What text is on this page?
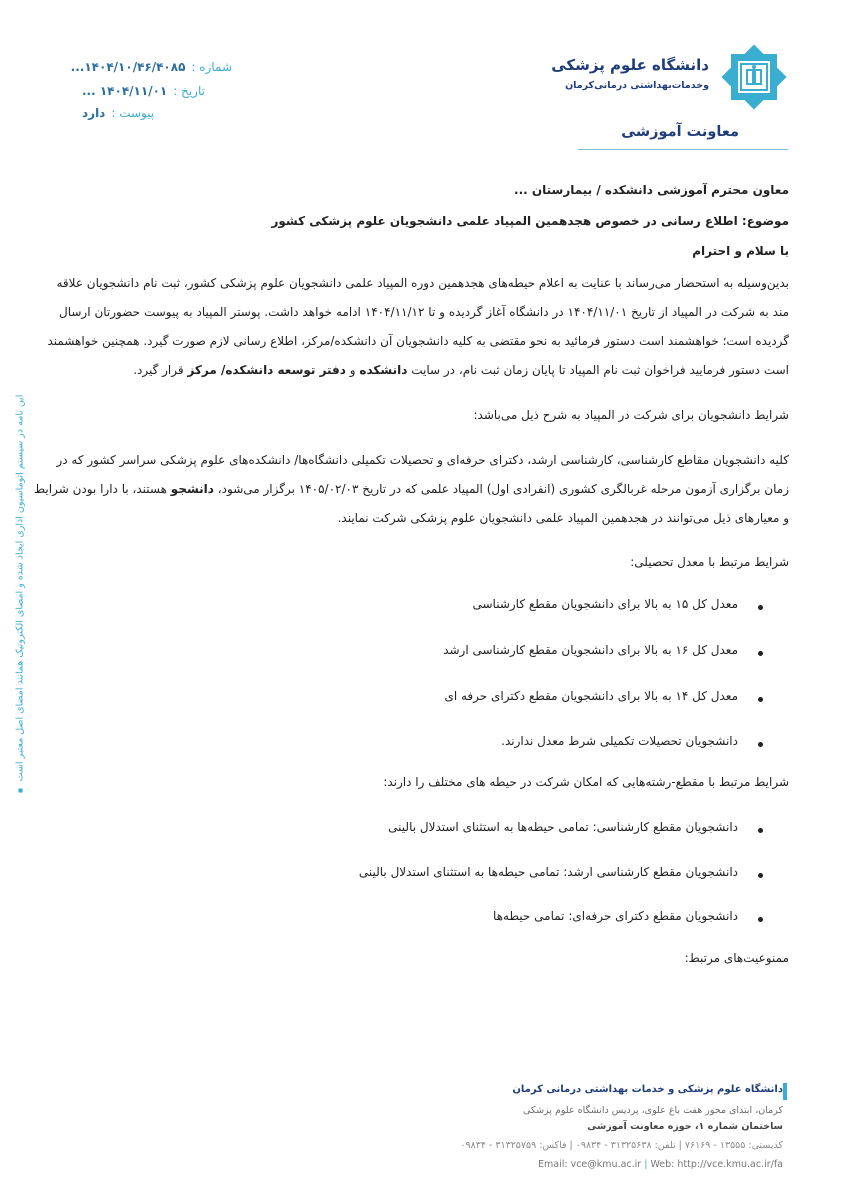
شماره :۱۴۰۴/۱۰/۴۶/۴۰۸۵...
تاریخ :۱۴۰۴/۱۱/۰۱ ...
پیوست :دارد
دانشگاه علوم پزشکی
وخدمات‌بهداشتی درمانی‌کرمان
معاونت آموزشی
این نامه در سیستم اتوماسیون اداری ایجاد شده و امضای الکترونیک همانند امضای اصل معتبر است
معاون محترم آموزشی دانشکده / بیمارستان ...
موضوع: اطلاع رسانی در خصوص هجدهمین المپیاد علمی دانشجویان علوم پزشکی کشور
با سلام و احترام
بدین‌وسیله به استحضار می‌رساند با عنایت به اعلام حیطه‌های هجدهمین دوره المپیاد علمی دانشجویان علوم پزشکی کشور، ثبت نام دانشجویان علاقه
مند به شرکت در المپیاد از تاریخ ۱۴۰۴/۱۱/۰۱ در دانشگاه آغاز گردیده و تا ۱۴۰۴/۱۱/۱۲ ادامه خواهد داشت. پوستر المپیاد به پیوست حضورتان ارسال
گردیده است؛ خواهشمند است دستور فرمائید به نحو مقتضی به کلیه دانشجویان آن دانشکده/مرکز، اطلاع رسانی لازم صورت گیرد. همچنین خواهشمند
است دستور فرمایید فراخوان ثبت نام المپیاد تا پایان زمان ثبت نام، در سایت دانشکده و دفتر توسعه دانشکده/ مرکز قرار گیرد.
شرایط دانشجویان برای شرکت در المپیاد به شرح ذیل می‌باشد:
کلیه دانشجویان مقاطع کارشناسی، کارشناسی ارشد، دکترای حرفه‌ای و تحصیلات تکمیلی دانشگاه‌ها/ دانشکده‌های علوم پزشکی سراسر کشور که در
زمان برگزاری آزمون مرحله غربالگری کشوری (انفرادی اول) المپیاد علمی که در تاریخ ۱۴۰۵/۰۲/۰۳ برگزار می‌شود، دانشجو هستند، با دارا بودن شرایط
و معیارهای ذیل می‌توانند در هجدهمین المپیاد علمی دانشجویان علوم پزشکی شرکت نمایند.
شرایط مرتبط با معدل تحصیلی:
معدل کل ۱۵ به بالا برای دانشجویان مقطع کارشناسی
معدل کل ۱۶ به بالا برای دانشجویان مقطع کارشناسی ارشد
معدل کل ۱۴ به بالا برای دانشجویان مقطع دکترای حرفه ای
دانشجویان تحصیلات تکمیلی شرط معدل ندارند.
شرایط مرتبط با مقطع-رشته‌هایی که امکان شرکت در حیطه های مختلف را دارند:
دانشجویان مقطع کارشناسی: تمامی حیطه‌ها به استثنای استدلال بالینی
دانشجویان مقطع کارشناسی ارشد: تمامی حیطه‌ها به استثنای استدلال بالینی
دانشجویان مقطع دکترای حرفه‌ای: تمامی حیطه‌ها
ممنوعیت‌های مرتبط:
دانشگاه علوم پزشکی و خدمات بهداشتی درمانی کرمان
کرمان، ابتدای محور هفت باغ علوی، پردیس دانشگاه علوم پزشکی
ساختمان شماره ۱، حوزه معاونت آموزشی
کدپستی: ۱۳۵۵۵ - ۷۶۱۶۹ | تلفن: ۳۱۳۲۵۶۳۸ - ۰۹۸۳۴ | فاکس: ۳۱۳۲۵۷۵۹ - ۰۹۸۳۴
Email: vce@kmu.ac.ir | Web: http://vce.kmu.ac.ir/fa
